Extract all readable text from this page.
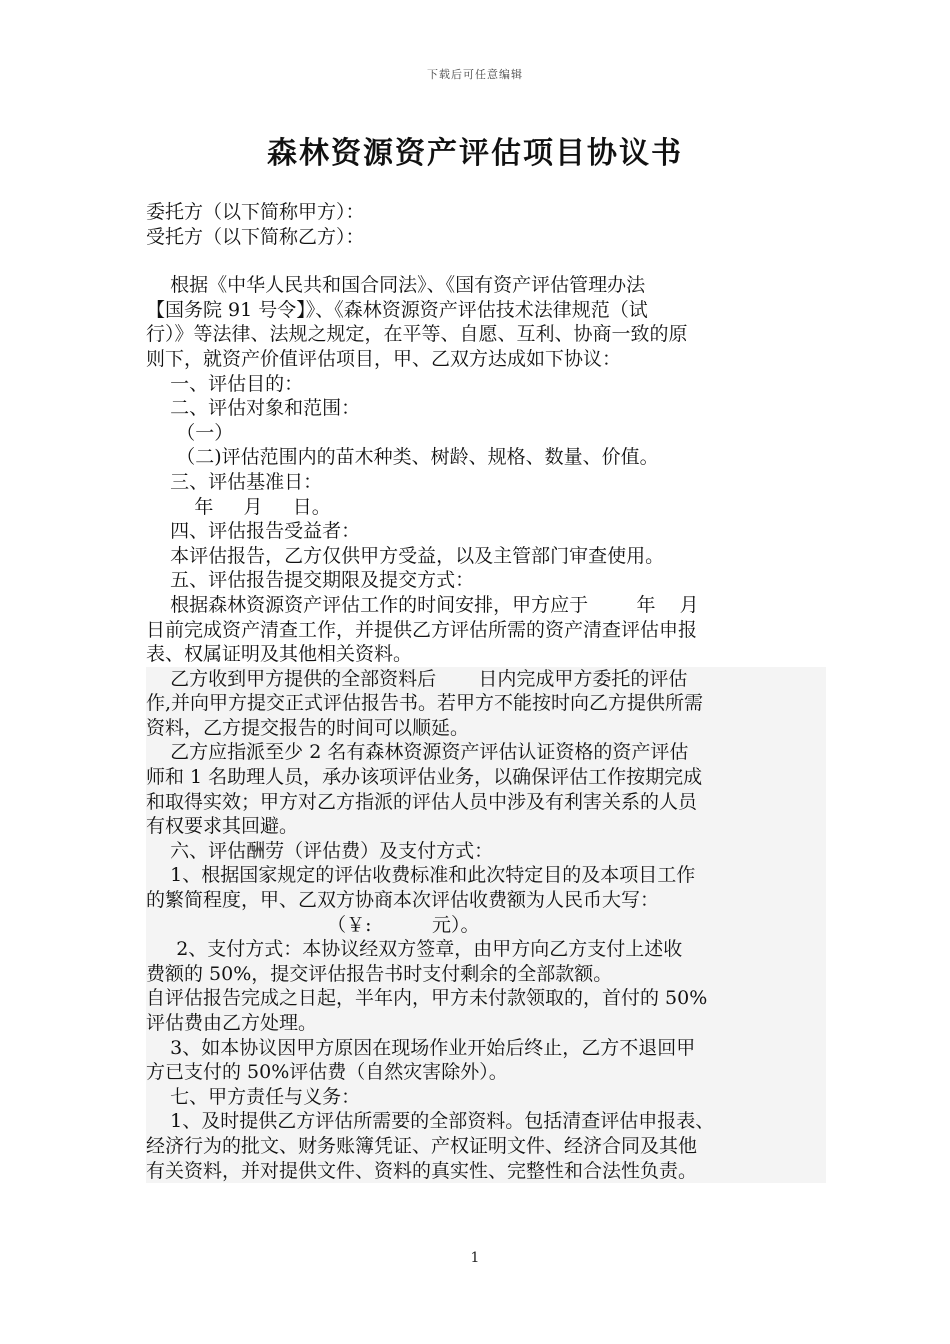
下载后可任意编辑
森林资源资产评估项目协议书
委托方（以下简称甲方）：
受托方（以下简称乙方）：
根据《中华人民共和国合同法》、《国有资产评估管理办法
【国务院 91 号令】》、《森林资源资产评估技术法律规范（试
行）》等法律、法规之规定，在平等、自愿、互利、协商一致的原
则下，就资产价值评估项目，甲、乙双方达成如下协议：
一、评估目的：
二、评估对象和范围：
（一）
（二)评估范围内的苗木种类、树龄、规格、数量、价值。
三、评估基准日：
年     月     日。
四、评估报告受益者：
本评估报告，乙方仅供甲方受益，以及主管部门审查使用。
五、评估报告提交期限及提交方式：
根据森林资源资产评估工作的时间安排，甲方应于        年    月
日前完成资产清查工作，并提供乙方评估所需的资产清查评估申报
表、权属证明及其他相关资料。
乙方收到甲方提供的全部资料后       日内完成甲方委托的评估
作,并向甲方提交正式评估报告书。若甲方不能按时向乙方提供所需
资料，乙方提交报告的时间可以顺延。
乙方应指派至少 2 名有森林资源资产评估认证资格的资产评估
师和 1 名助理人员，承办该项评估业务，以确保评估工作按期完成
和取得实效；甲方对乙方指派的评估人员中涉及有利害关系的人员
有权要求其回避。
六、评估酬劳（评估费）及支付方式：
1、根据国家规定的评估收费标准和此次特定目的及本项目工作
的繁简程度，甲、乙双方协商本次评估收费额为人民币大写：
（￥:          元）。
2、支付方式：本协议经双方签章，由甲方向乙方支付上述收
费额的 50%，提交评估报告书时支付剩余的全部款额。
自评估报告完成之日起，半年内，甲方未付款领取的，首付的 50%
评估费由乙方处理。
3、如本协议因甲方原因在现场作业开始后终止，乙方不退回甲
方已支付的 50%评估费（自然灾害除外）。
七、甲方责任与义务：
1、及时提供乙方评估所需要的全部资料。包括清查评估申报表、
经济行为的批文、财务账簿凭证、产权证明文件、经济合同及其他
有关资料，并对提供文件、资料的真实性、完整性和合法性负责。
1
